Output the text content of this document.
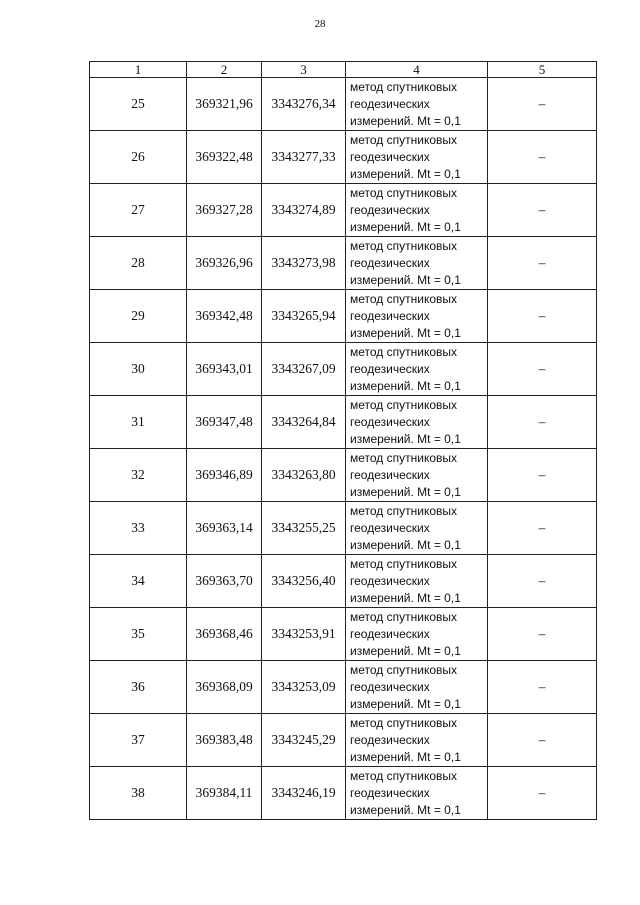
28
1	2	3	4	5
25	369321,96	3343276,34	метод спутниковых
геодезических
измерений. Mt = 0,1	–
26	369322,48	3343277,33	метод спутниковых
геодезических
измерений. Mt = 0,1	–
27	369327,28	3343274,89	метод спутниковых
геодезических
измерений. Mt = 0,1	–
28	369326,96	3343273,98	метод спутниковых
геодезических
измерений. Mt = 0,1	–
29	369342,48	3343265,94	метод спутниковых
геодезических
измерений. Mt = 0,1	–
30	369343,01	3343267,09	метод спутниковых
геодезических
измерений. Mt = 0,1	–
31	369347,48	3343264,84	метод спутниковых
геодезических
измерений. Mt = 0,1	–
32	369346,89	3343263,80	метод спутниковых
геодезических
измерений. Mt = 0,1	–
33	369363,14	3343255,25	метод спутниковых
геодезических
измерений. Mt = 0,1	–
34	369363,70	3343256,40	метод спутниковых
геодезических
измерений. Mt = 0,1	–
35	369368,46	3343253,91	метод спутниковых
геодезических
измерений. Mt = 0,1	–
36	369368,09	3343253,09	метод спутниковых
геодезических
измерений. Mt = 0,1	–
37	369383,48	3343245,29	метод спутниковых
геодезических
измерений. Mt = 0,1	–
38	369384,11	3343246,19	метод спутниковых
геодезических
измерений. Mt = 0,1	–
